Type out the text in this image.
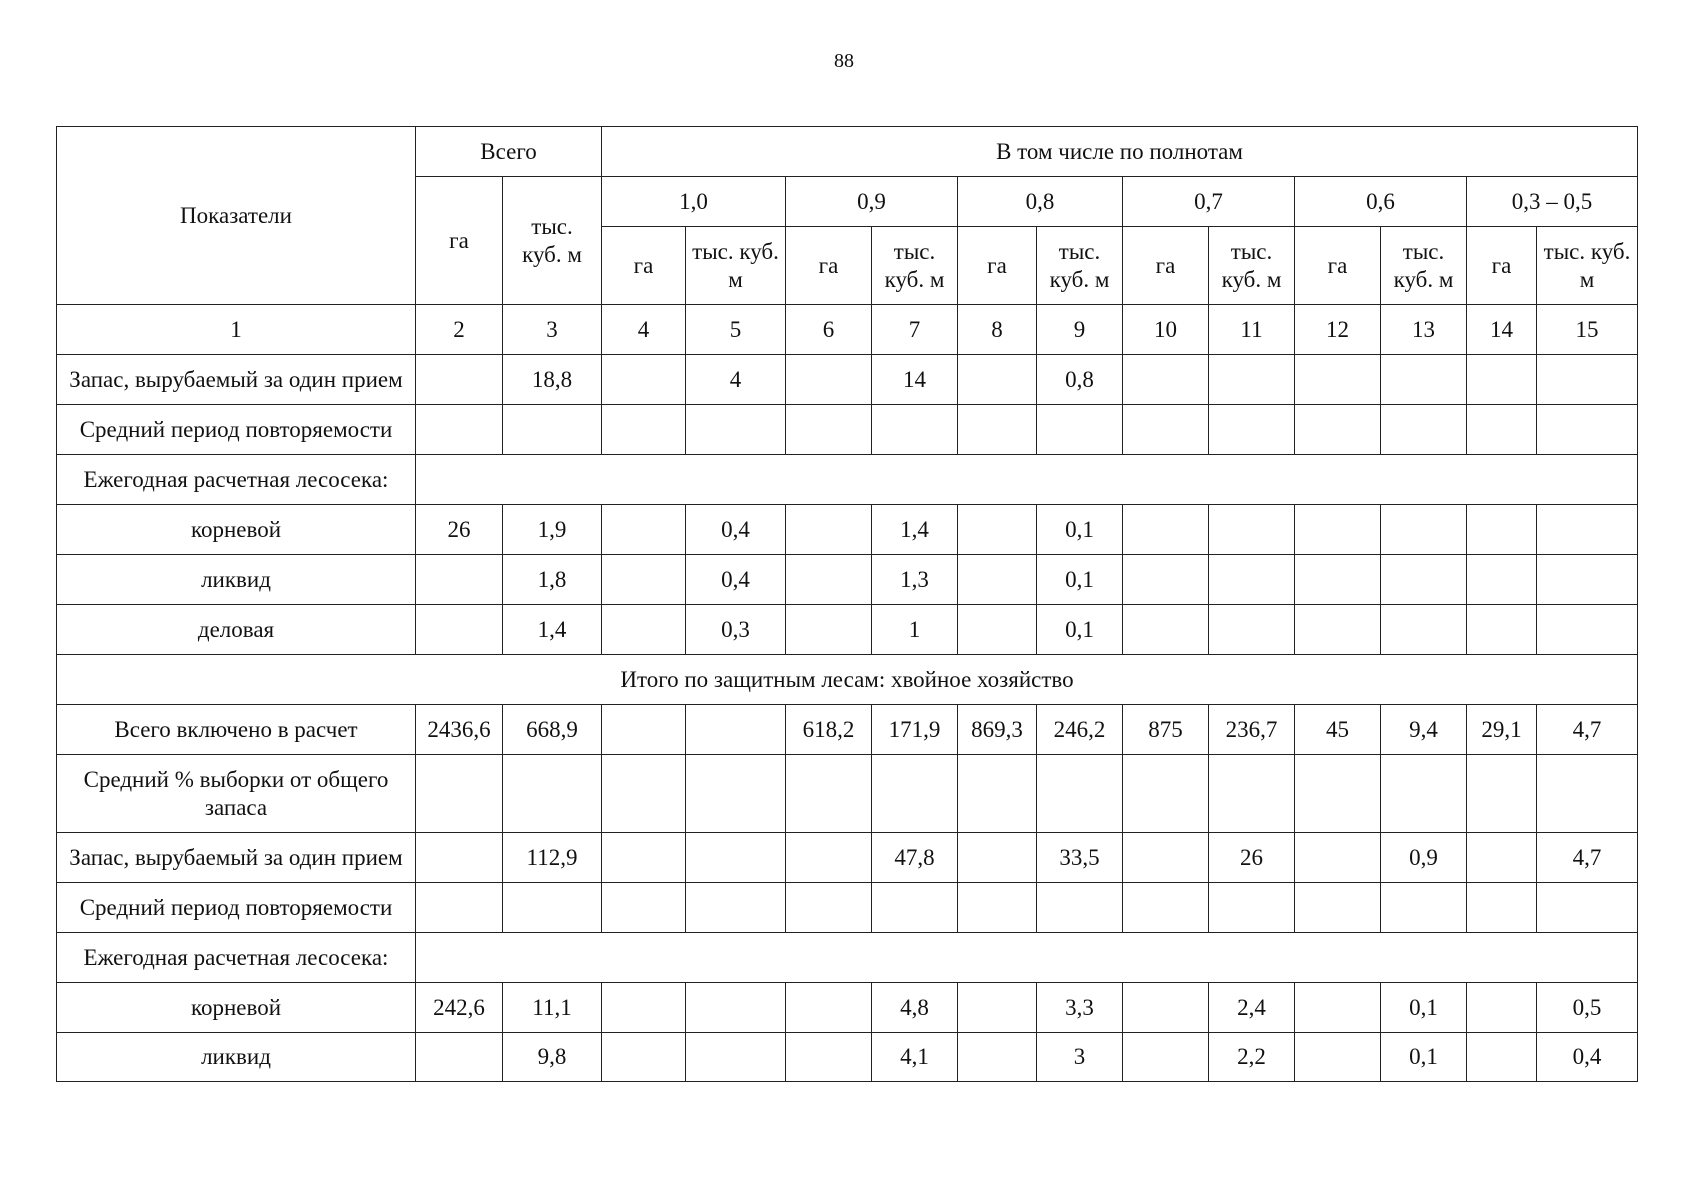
88
Показатели	Всего		В том числе по полнотам											
	га	тыс. куб. м	1,0		0,9		0,8		0,7		0,6		0,3 – 0,5	
			га	тыс. куб. м	га	тыс. куб. м	га	тыс. куб. м	га	тыс. куб. м	га	тыс. куб. м	га	тыс. куб. м
1	2	3	4	5	6	7	8	9	10	11	12	13	14	15
Запас, вырубаемый за один прием		18,8		4		14		0,8						
Средний период повторяемости														
Ежегодная расчетная лесосека:														
корневой	26	1,9		0,4		1,4		0,1						
ликвид		1,8		0,4		1,3		0,1						
деловая		1,4		0,3		1		0,1						
Итого по защитным лесам: хвойное хозяйство														
Всего включено в расчет	2436,6	668,9			618,2	171,9	869,3	246,2	875	236,7	45	9,4	29,1	4,7
Средний % выборки от общего запаса														
Запас, вырубаемый за один прием		112,9				47,8		33,5		26		0,9		4,7
Средний период повторяемости														
Ежегодная расчетная лесосека:														
корневой	242,6	11,1				4,8		3,3		2,4		0,1		0,5
ликвид		9,8				4,1		3		2,2		0,1		0,4
